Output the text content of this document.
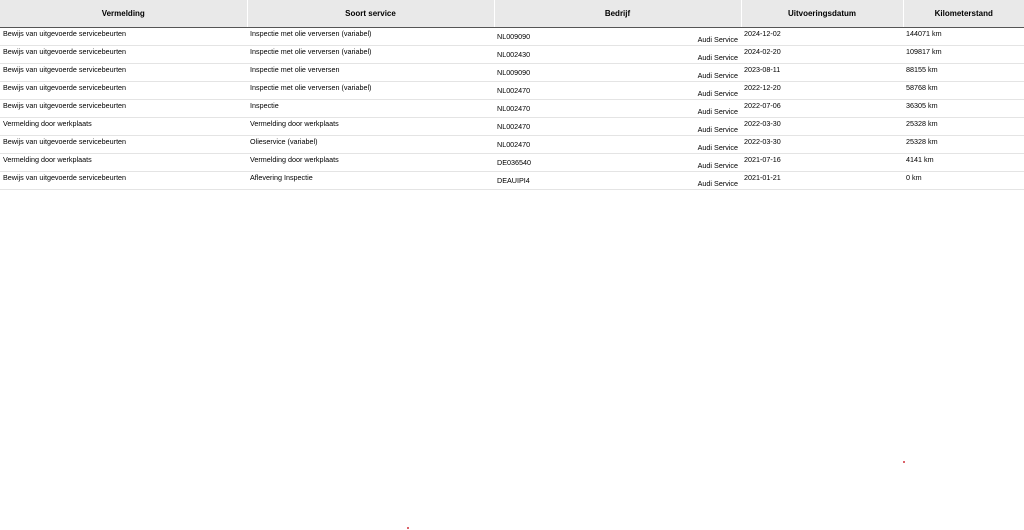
Vermelding	Soort service	Bedrijf	Uitvoeringsdatum	Kilometerstand

Bewijs van uitgevoerde servicebeurten	Inspectie met olie verversen (variabel)	NL009090 Audi Service	2024-12-02	144071 km

Bewijs van uitgevoerde servicebeurten	Inspectie met olie verversen (variabel)	NL002430 Audi Service	2024-02-20	109817 km

Bewijs van uitgevoerde servicebeurten	Inspectie met olie verversen	NL009090 Audi Service	2023-08-11	88155 km

Bewijs van uitgevoerde servicebeurten	Inspectie met olie verversen (variabel)	NL002470 Audi Service	2022-12-20	58768 km

Bewijs van uitgevoerde servicebeurten	Inspectie	NL002470 Audi Service	2022-07-06	36305 km

Vermelding door werkplaats	Vermelding door werkplaats	NL002470 Audi Service	2022-03-30	25328 km

Bewijs van uitgevoerde servicebeurten	Olieservice (variabel)	NL002470 Audi Service	2022-03-30	25328 km

Vermelding door werkplaats	Vermelding door werkplaats	DE036540 Audi Service	2021-07-16	4141 km

Bewijs van uitgevoerde servicebeurten	Aflevering Inspectie	DEAUIPI4 Audi Service	2021-01-21	0 km
